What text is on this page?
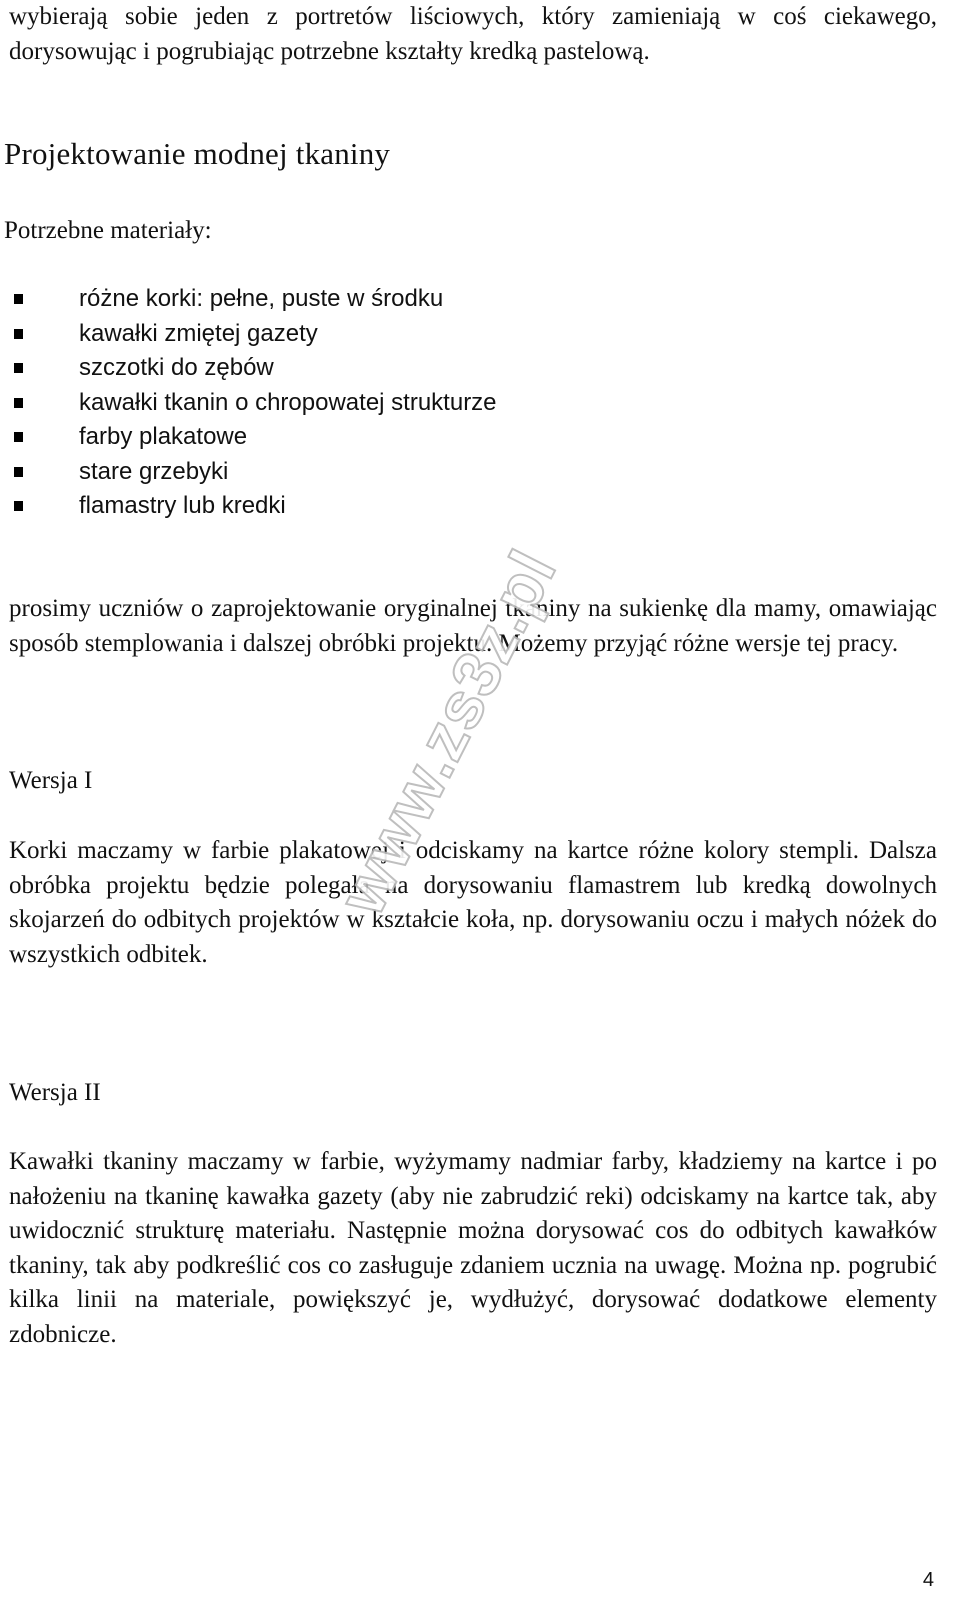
wybierają sobie jeden z portretów liściowych, który zamieniają w coś ciekawego, dorysowując i pogrubiając potrzebne kształty kredką pastelową.

Projektowanie modnej tkaniny

Potrzebne materiały:

różne korki: pełne, puste w środku
kawałki zmiętej gazety
szczotki do zębów
kawałki tkanin o chropowatej strukturze
farby plakatowe
stare grzebyki
flamastry lub kredki

prosimy uczniów o zaprojektowanie oryginalnej tkaniny na sukienkę dla mamy, omawiając sposób stemplowania i dalszej obróbki projektu. Możemy przyjąć różne wersje tej pracy.

Wersja I

Korki maczamy w farbie plakatowej i odciskamy na kartce różne kolory stempli. Dalsza obróbka projektu będzie polegała na dorysowaniu flamastrem lub kredką dowolnych skojarzeń do odbitych projektów w kształcie koła, np. dorysowaniu oczu i małych nóżek do wszystkich odbitek.

Wersja II

Kawałki tkaniny maczamy w farbie, wyżymamy nadmiar farby, kładziemy na kartce i po nałożeniu na tkaninę kawałka gazety (aby nie zabrudzić reki) odciskamy na kartce tak, aby uwidocznić strukturę materiału. Następnie można dorysować cos do odbitych kawałków tkaniny, tak aby podkreślić cos co zasługuje zdaniem ucznia na uwagę. Można np. pogrubić kilka linii na materiale, powiększyć je, wydłużyć, dorysować dodatkowe elementy zdobnicze.

www.zs3z.pl

4
